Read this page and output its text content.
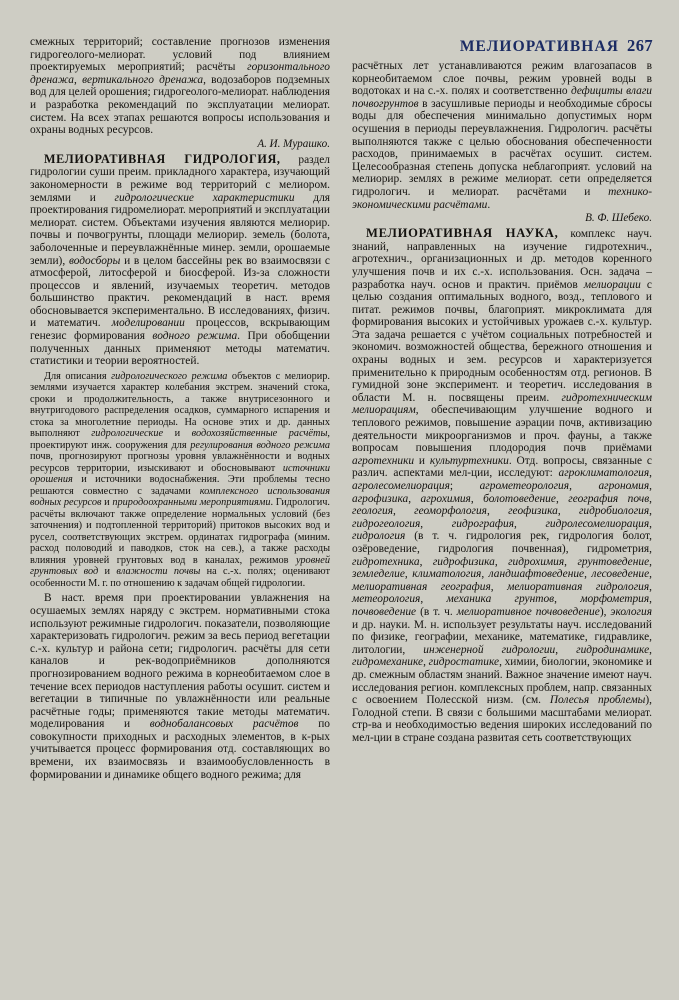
МЕЛИОРАТИВНАЯ 267

смежных территорий; составление прогнозов изменения гидрогеолого-мелиорат. условий под влиянием проектируемых мероприятий; расчёты горизонтального дренажа, вертикального дренажа, водозаборов подземных вод для целей орошения; гидрогеолого-мелиорат. наблюдения и разработка рекомендаций по эксплуатации мелиорат. систем. На всех этапах решаются вопросы использования и охраны водных ресурсов.

А. И. Мурашко.

МЕЛИОРАТИВНАЯ ГИДРОЛОГИЯ, раздел гидрологии суши преим. прикладного характера, изучающий закономерности в режиме вод территорий с мелиором. землями и гидрологические характеристики для проектирования гидромелиорат. мероприятий и эксплуатации мелиорат. систем. Объектами изучения являются мелиорир. почвы и почвогрунты, площади мелиорир. земель (болота, заболоченные и переувлажнённые минер. земли, орошаемые земли), водосборы и в целом бассейны рек во взаимосвязи с атмосферой, литосферой и биосферой. Из-за сложности процессов и явлений, изучаемых теоретич. методов большинство практич. рекомендаций в наст. время обосновывается экспериментально. В исследованиях, физич. и математич. моделировании процессов, вскрывающим генезис формирования водного режима. При обобщении полученных данных применяют методы математич. статистики и теории вероятностей.

Для описания гидрологического режима объектов с мелиорир. землями изучается характер колебания экстрем. значений стока, сроки и продолжительность, а также внутрисезонного и внутригодового распределения осадков, суммарного испарения и стока за многолетние периоды. На основе этих и др. данных выполняют гидрологические и водохозяйственные расчёты, проектируют инж. сооружения для регулирования водного режима почв, прогнозируют прогнозы уровня увлажнённости и водных ресурсов территории, изыскивают и обосновывают источники орошения и источники водоснабжения. Эти проблемы тесно решаются совместно с задачами комплексного использования водных ресурсов и природоохранными мероприятиями. Гидрологич. расчёты включают также определение нормальных условий (без заточнения) и подтопленной территорий) притоков высоких вод и русел, соответствующих экстрем. ординатах гидрографа (миним. расход половодий и паводков, сток на сев.), а также расходы влияния уровней грунтовых вод в каналах, режимов уровней грунтовых вод и влажности почвы на с.-х. полях; оценивают особенности М. г. по отношению к задачам общей гидрологии.

В наст. время при проектировании увлажнения на осушаемых землях наряду с экстрем. нормативными стока используют режимные гидрологич. показатели, позволяющие характеризовать гидрологич. режим за весь период вегетации с.-х. культур и района сети; гидрологич. расчёты для сети каналов и рек-водоприёмников дополняются прогнозированием водного режима в корнеобитаемом слое в течение всех периодов наступления работы осушит. систем и вегетации в типичные по увлажнённости или реальные расчётные годы; применяются такие методы математич. моделирования и воднобалансовых расчётов по совокупности приходных и расходных элементов, в к-рых учитывается процесс формирования отд. составляющих во времени, их взаимосвязь и взаимообусловленность в формировании и динамике общего водного режима; для

расчётных лет устанавливаются режим влагозапасов в корнеобитаемом слое почвы, режим уровней воды в водотоках и на с.-х. полях и соответственно дефициты влаги почвогрунтов в засушливые периоды и необходимые сбросы воды для обеспечения минимально допустимых норм осушения в периоды переувлажнения. Гидрологич. расчёты выполняются также с целью обоснования обеспеченности расходов, принимаемых в расчётах осушит. систем. Целесообразная степень допуска неблагоприят. условий на мелиорир. землях в режиме мелиорат. сети определяется гидрологич. и мелиорат. расчётами и технико-экономическими расчётами.

В. Ф. Шебеко.

МЕЛИОРАТИВНАЯ НАУКА, комплекс науч. знаний, направленных на изучение гидротехнич., агротехнич., организационных и др. методов коренного улучшения почв и их с.-х. использования. Осн. задача – разработка науч. основ и практич. приёмов мелиорации с целью создания оптимальных водного, возд., теплового и питат. режимов почвы, благоприят. микроклимата для формирования высоких и устойчивых урожаев с.-х. культур. Эта задача решается с учётом социальных потребностей и экономич. возможностей общества, бережного отношения и охраны водных и зем. ресурсов и характеризуется применительно к природным особенностям отд. регионов. В гумидной зоне эксперимент. и теоретич. исследования в области М. н. посвящены преим. гидротехническим мелиорациям, обеспечивающим улучшение водного и теплового режимов, повышение аэрации почв, активизацию деятельности микроорганизмов и проч. фауны, а также вопросам повышения плодородия почв приёмами агротехники и культуртехники. Отд. вопросы, связанные с различ. аспектами мел-ции, исследуют: агроклиматология, агролесомелиорация; агрометеорология, агрономия, агрофизика, агрохимия, болотоведение, география почв, геология, геоморфология, геофизика, гидробиология, гидрогеология, гидрография, гидролесомелиорация, гидрология (в т. ч. гидрология рек, гидрология болот, озёроведение, гидрология почвенная), гидрометрия, гидротехника, гидрофизика, гидрохимия, грунтоведение, земледелие, климатология, ландшафтоведение, лесоведение, мелиоративная география, мелиоративная гидрология, метеорология, механика грунтов, морфометрия, почвоведение (в т. ч. мелиоративное почвоведение), экология и др. науки. М. н. использует результаты науч. исследований по физике, географии, механике, математике, гидравлике, литологии, инженерной гидрологии, гидродинамике, гидромеханике, гидростатике, химии, биологии, экономике и др. смежным областям знаний. Важное значение имеют науч. исследования регион. комплексных проблем, напр. связанных с освоением Полесской низм. (см. Полесья проблемы), Голодной степи. В связи с большими масштабами мелиорат. стр-ва и необходимостью ведения широких исследований по мел-ции в стране создана развитая сеть соответствующих
